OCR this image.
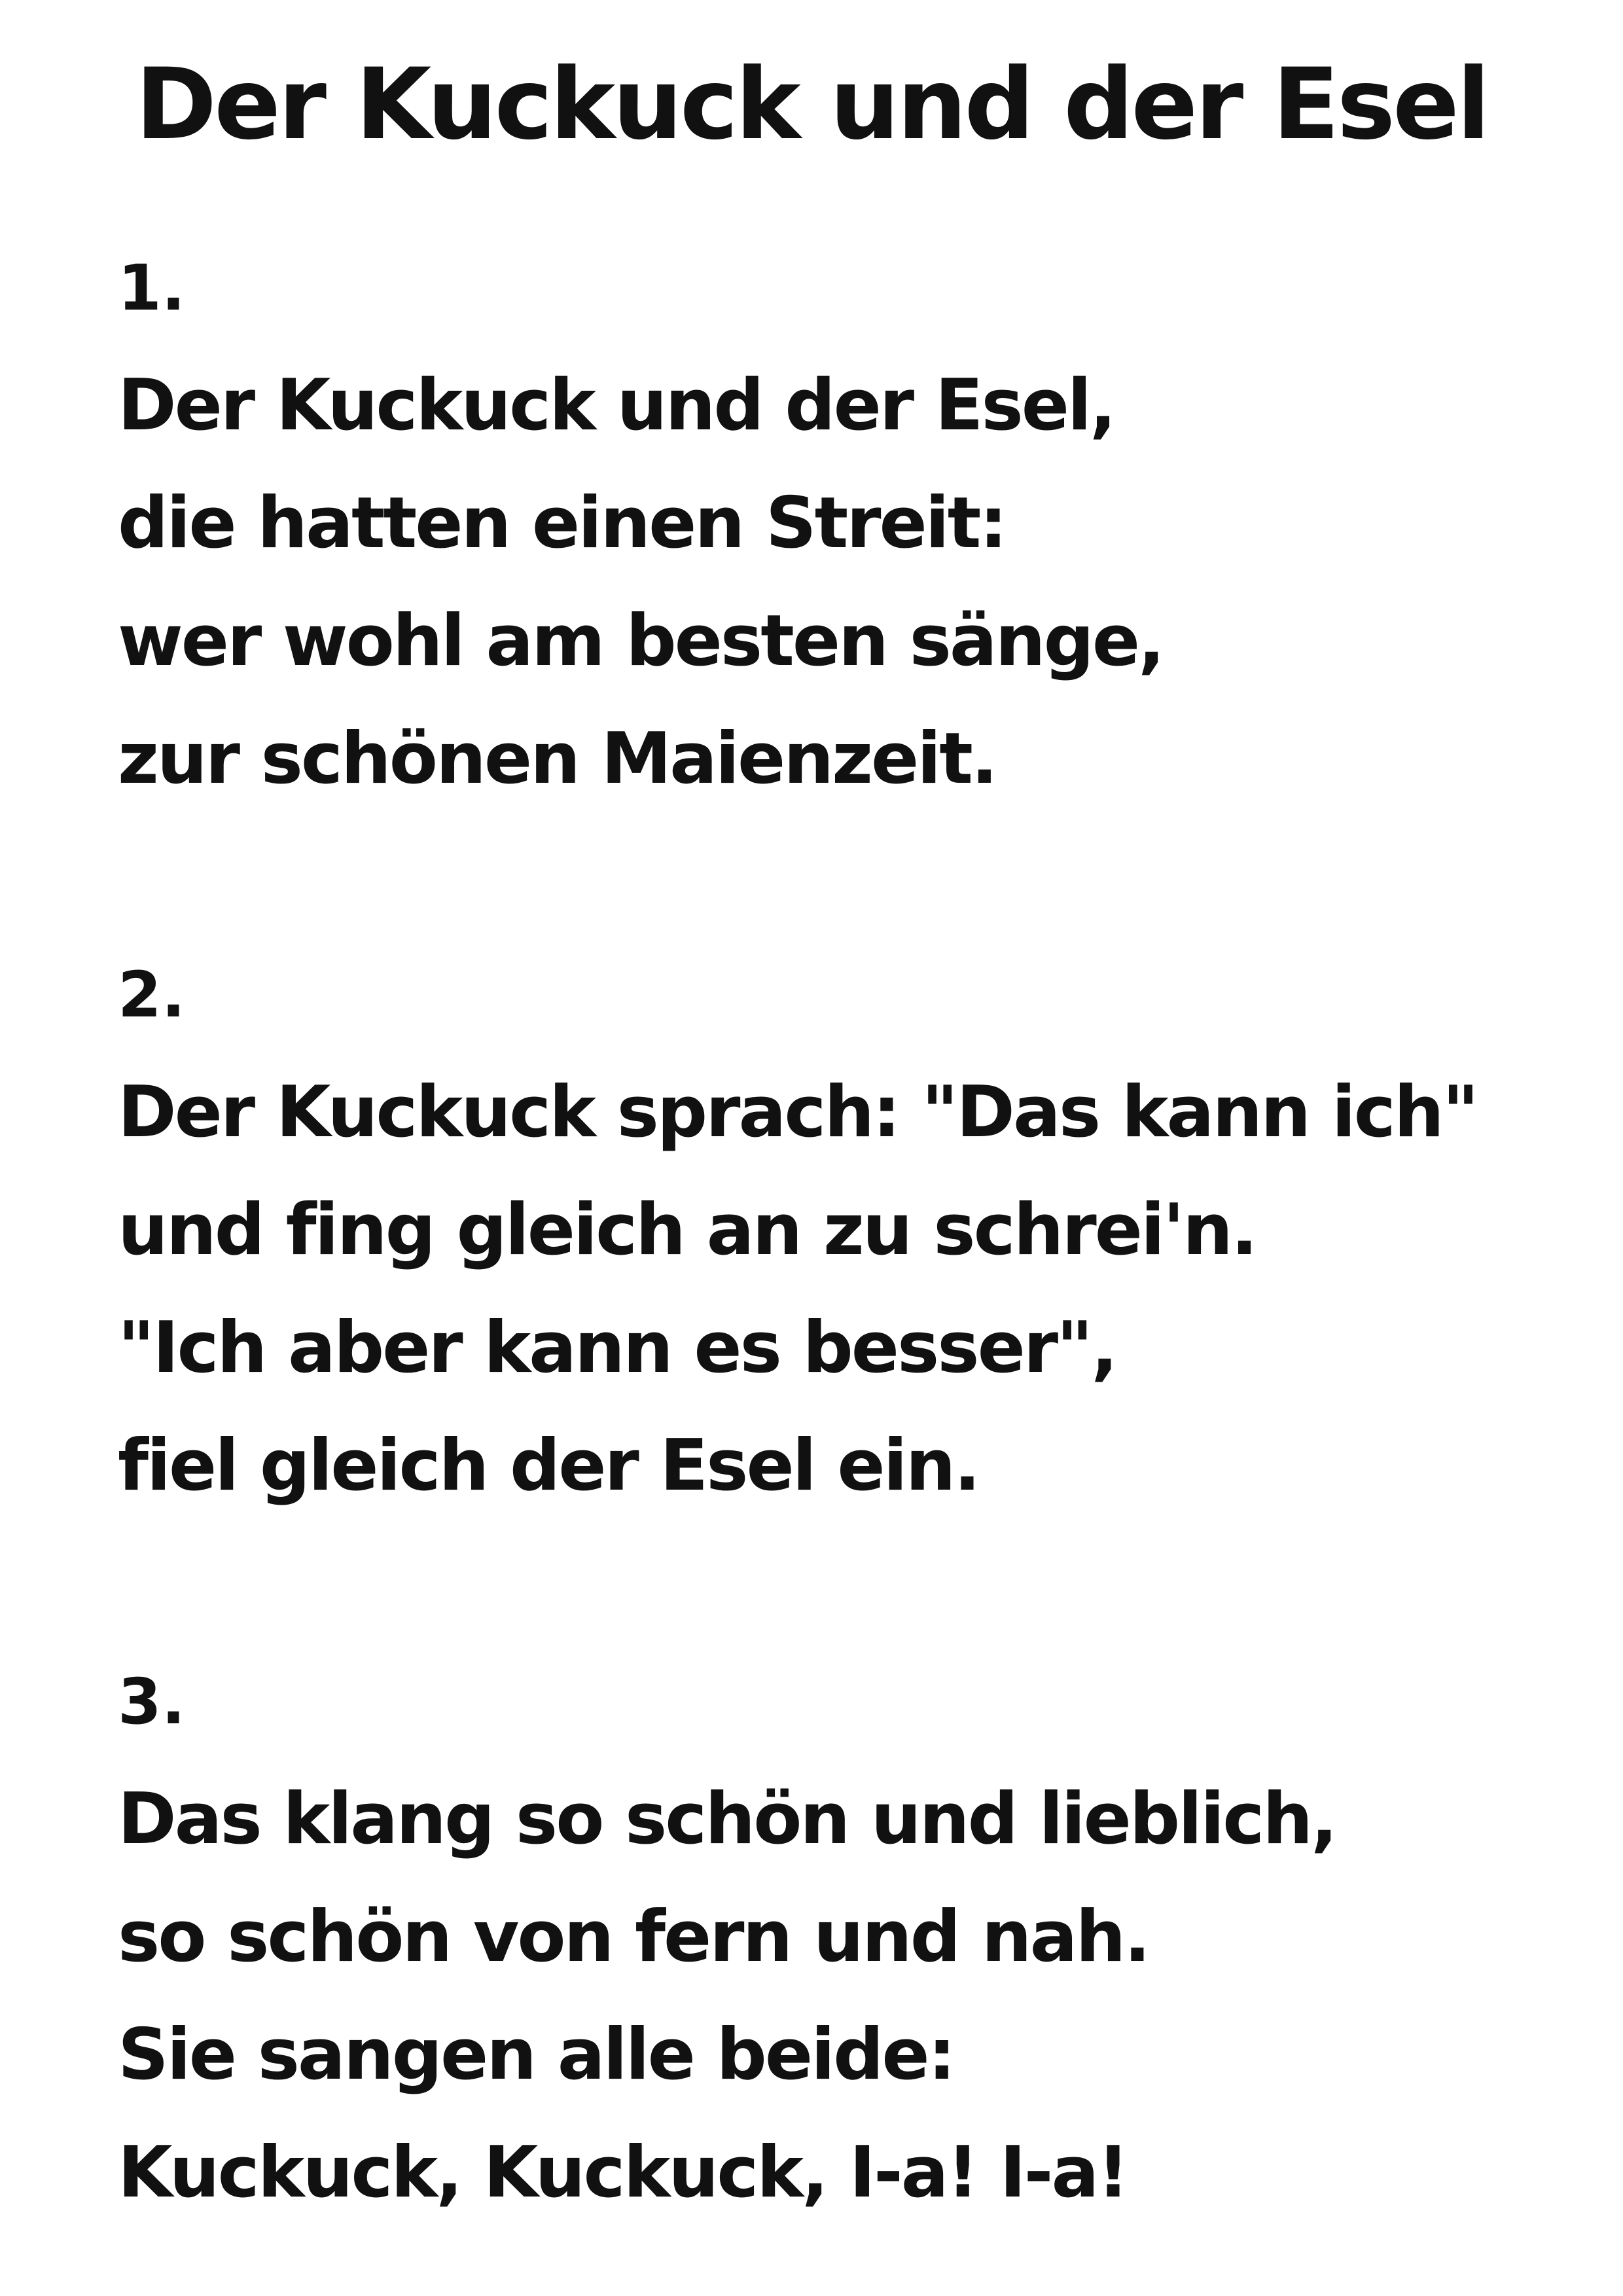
Der Kuckuck und der Esel
1.
Der Kuckuck und der Esel,
die hatten einen Streit:
wer wohl am besten sänge,
zur schönen Maienzeit.
2.
Der Kuckuck sprach: "Das kann ich"
und fing gleich an zu schrei'n.
"Ich aber kann es besser",
fiel gleich der Esel ein.
3.
Das klang so schön und lieblich,
so schön von fern und nah.
Sie sangen alle beide:
Kuckuck, Kuckuck, I-a! I-a!
